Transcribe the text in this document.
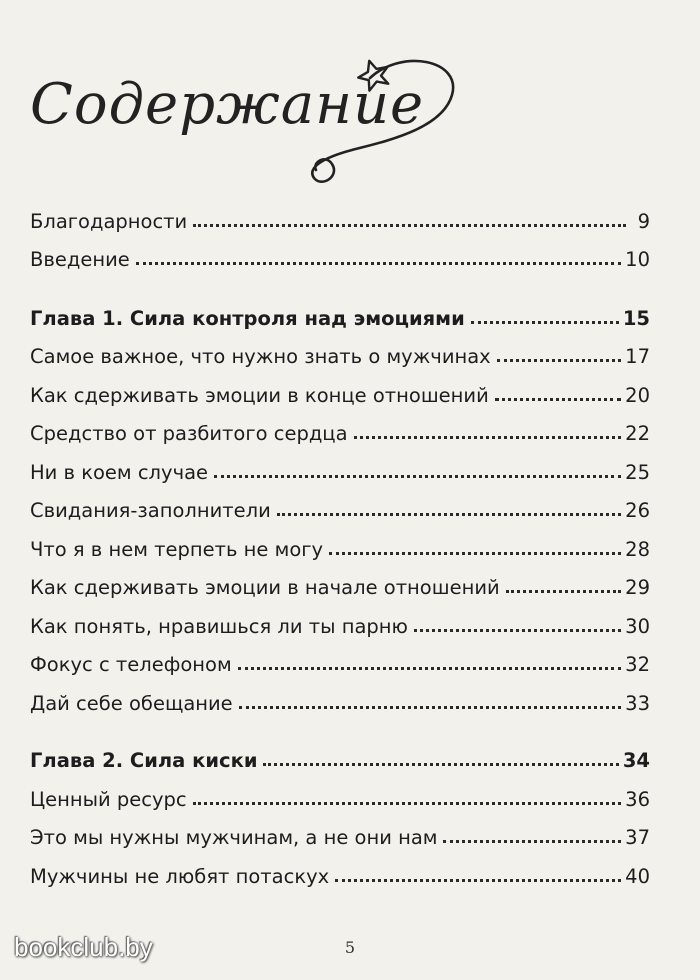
Содержание
Благодарности	9
Введение	10
Глава 1. Сила контроля над эмоциями	15
Самое важное, что нужно знать о мужчинах	17
Как сдерживать эмоции в конце отношений	20
Средство от разбитого сердца	22
Ни в коем случае	25
Свидания-заполнители	26
Что я в нем терпеть не могу	28
Как сдерживать эмоции в начале отношений	29
Как понять, нравишься ли ты парню	30
Фокус с телефоном	32
Дай себе обещание	33
Глава 2. Сила киски	34
Ценный ресурс	36
Это мы нужны мужчинам, а не они нам	37
Мужчины не любят потаскух	40
5
bookclub.by
